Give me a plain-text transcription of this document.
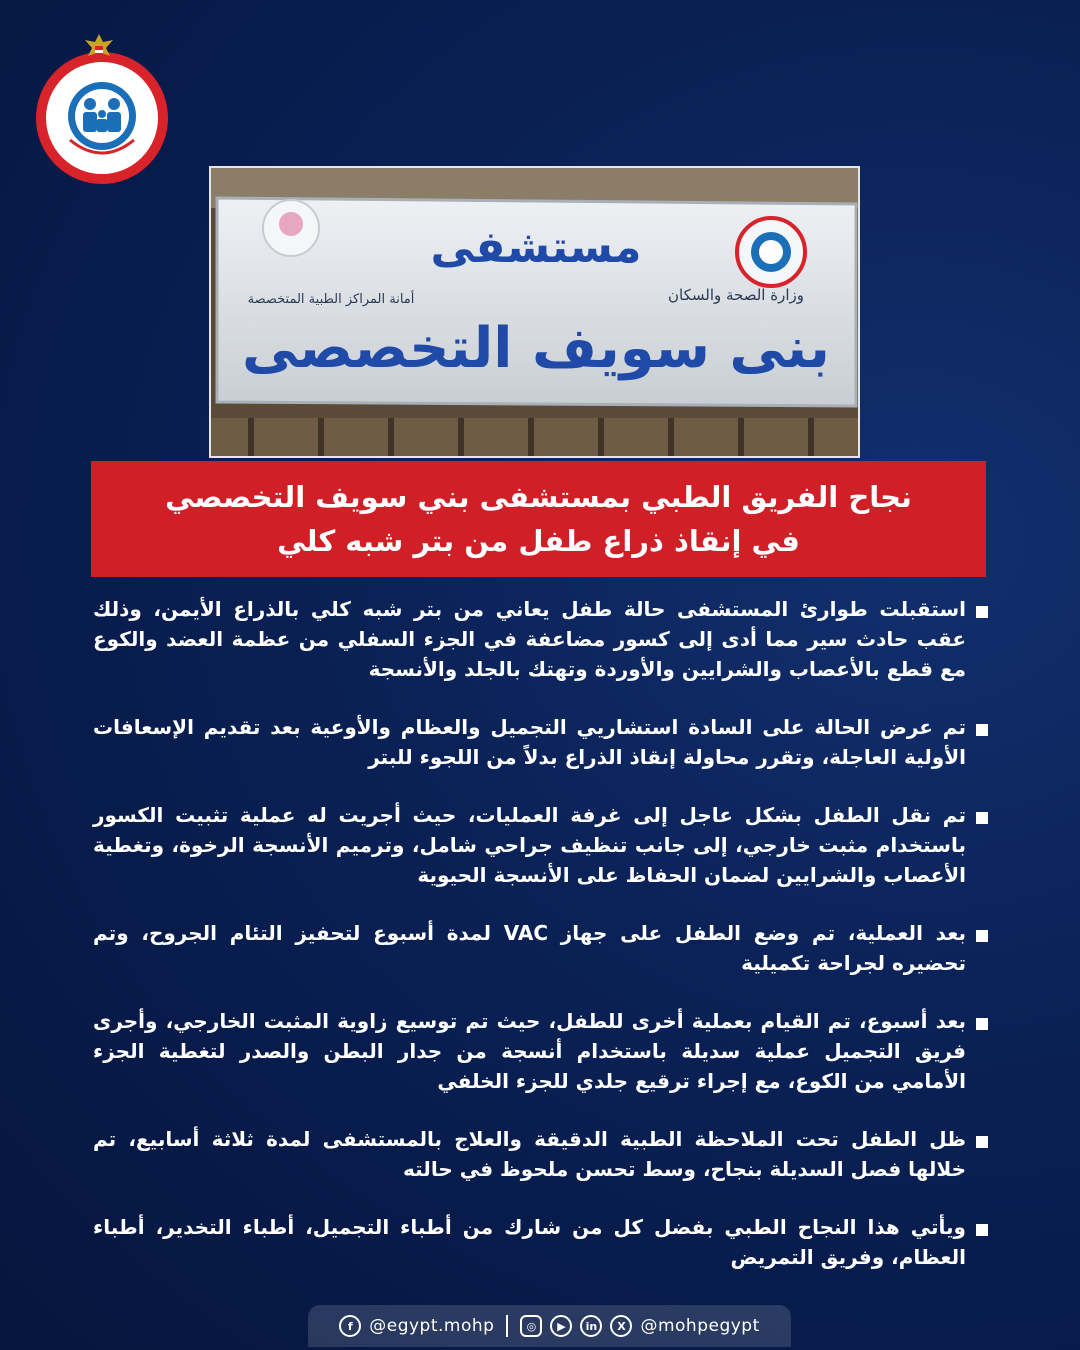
مستشفى
بنى سويف التخصصى
وزارة الصحة والسكان
أمانة المراكز الطبية المتخصصة
نجاح الفريق الطبي بمستشفى بني سويف التخصصي
في إنقاذ ذراع طفل من بتر شبه كلي
استقبلت طوارئ المستشفى حالة طفل يعاني من بتر شبه كلي بالذراع الأيمن، وذلك عقب حادث سير مما أدى إلى كسور مضاعفة في الجزء السفلي من عظمة العضد والكوع مع قطع بالأعصاب والشرايين والأوردة وتهتك بالجلد والأنسجة
تم عرض الحالة على السادة استشاريي التجميل والعظام والأوعية بعد تقديم الإسعافات الأولية العاجلة، وتقرر محاولة إنقاذ الذراع بدلاً من اللجوء للبتر
تم نقل الطفل بشكل عاجل إلى غرفة العمليات، حيث أجريت له عملية تثبيت الكسور باستخدام مثبت خارجي، إلى جانب تنظيف جراحي شامل، وترميم الأنسجة الرخوة، وتغطية الأعصاب والشرايين لضمان الحفاظ على الأنسجة الحيوية
بعد العملية، تم وضع الطفل على جهاز VAC لمدة أسبوع لتحفيز التئام الجروح، وتم تحضيره لجراحة تكميلية
بعد أسبوع، تم القيام بعملية أخرى للطفل، حيث تم توسيع زاوية المثبت الخارجي، وأجرى فريق التجميل عملية سديلة باستخدام أنسجة من جدار البطن والصدر لتغطية الجزء الأمامي من الكوع، مع إجراء ترقيع جلدي للجزء الخلفي
ظل الطفل تحت الملاحظة الطبية الدقيقة والعلاج بالمستشفى لمدة ثلاثة أسابيع، تم خلالها فصل السديلة بنجاح، وسط تحسن ملحوظ في حالته
ويأتي هذا النجاح الطبي بفضل كل من شارك من أطباء التجميل، أطباء التخدير، أطباء العظام، وفريق التمريض
f @egypt.mohp	◎	▶	in	X @mohpegypt
